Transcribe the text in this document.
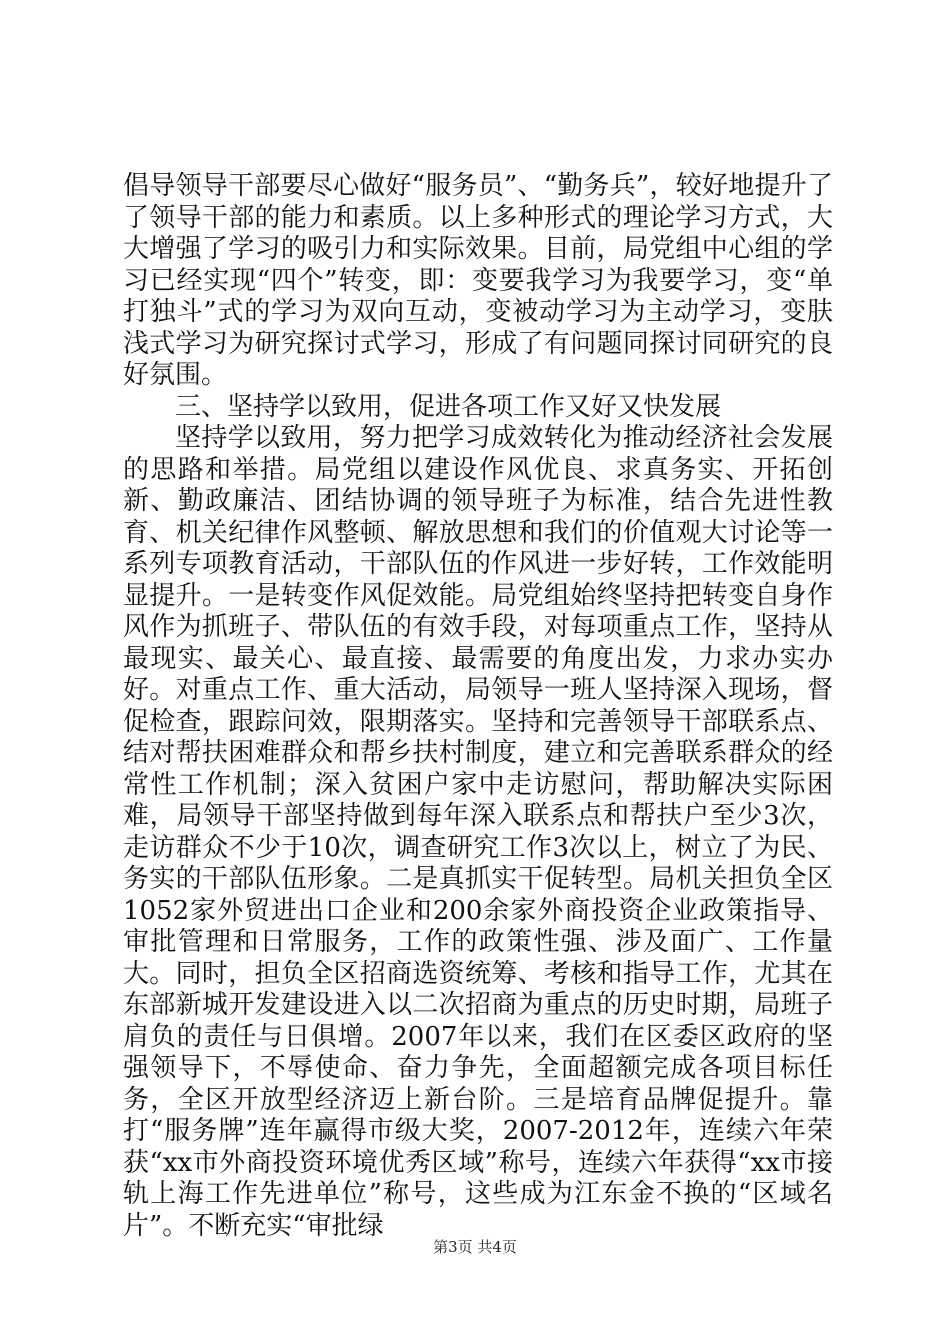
倡导领导干部要尽心做好“服务员”、“勤务兵”，较好地提升了了领导干部的能力和素质。以上多种形式的理论学习方式，大大增强了学习的吸引力和实际效果。目前，局党组中心组的学习已经实现“四个”转变，即：变要我学习为我要学习，变“单打独斗”式的学习为双向互动，变被动学习为主动学习，变肤浅式学习为研究探讨式学习，形成了有问题同探讨同研究的良好氛围。

三、坚持学以致用，促进各项工作又好又快发展

坚持学以致用，努力把学习成效转化为推动经济社会发展的思路和举措。局党组以建设作风优良、求真务实、开拓创新、勤政廉洁、团结协调的领导班子为标准，结合先进性教育、机关纪律作风整顿、解放思想和我们的价值观大讨论等一系列专项教育活动，干部队伍的作风进一步好转，工作效能明显提升。一是转变作风促效能。局党组始终坚持把转变自身作风作为抓班子、带队伍的有效手段，对每项重点工作，坚持从最现实、最关心、最直接、最需要的角度出发，力求办实办好。对重点工作、重大活动，局领导一班人坚持深入现场，督促检查，跟踪问效，限期落实。坚持和完善领导干部联系点、结对帮扶困难群众和帮乡扶村制度，建立和完善联系群众的经常性工作机制；深入贫困户家中走访慰问，帮助解决实际困难，局领导干部坚持做到每年深入联系点和帮扶户至少3次，走访群众不少于10次，调查研究工作3次以上，树立了为民、务实的干部队伍形象。二是真抓实干促转型。局机关担负全区1052家外贸进出口企业和200余家外商投资企业政策指导、审批管理和日常服务，工作的政策性强、涉及面广、工作量大。同时，担负全区招商选资统筹、考核和指导工作，尤其在东部新城开发建设进入以二次招商为重点的历史时期，局班子肩负的责任与日俱增。2007年以来，我们在区委区政府的坚强领导下，不辱使命、奋力争先，全面超额完成各项目标任务，全区开放型经济迈上新台阶。三是培育品牌促提升。靠打“服务牌”连年赢得市级大奖，2007-2012年，连续六年荣获“xx市外商投资环境优秀区域”称号，连续六年获得“xx市接轨上海工作先进单位”称号，这些成为江东金不换的“区域名片”。不断充实“审批绿

第3页 共4页
